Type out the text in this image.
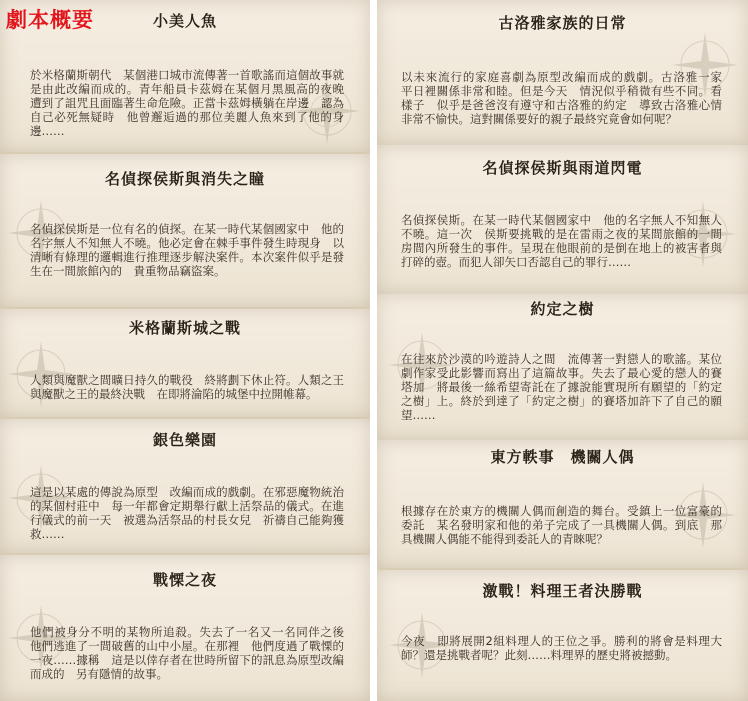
劇本概要	小美人魚
於米格蘭斯朝代　某個港口城市流傳著一首歌謠而這個故事就是由此改編而成的。青年船員卡茲姆在某個月黑風高的夜晚　遭到了詛咒且面臨著生命危險。正當卡茲姆橫躺在岸邊　認為自己必死無疑時　他曾邂逅過的那位美麗人魚來到了他的身邊……
名偵探侯斯與消失之瞳
名偵探侯斯是一位有名的偵探。在某一時代某個國家中　他的名字無人不知無人不曉。他必定會在棘手事件發生時現身　以清晰有條理的邏輯進行推理逐步解決案件。本次案件似乎是發生在一間旅館內的　貴重物品竊盜案。
米格蘭斯城之戰
人類與魔獸之間曠日持久的戰役　終將劃下休止符。人類之王與魔獸之王的最終決戰　在即將淪陷的城堡中拉開帷幕。
銀色樂園
這是以某處的傳說為原型　改編而成的戲劇。在邪惡魔物統治的某個村莊中　每一年都會定期舉行獻上活祭品的儀式。在進行儀式的前一天　被選為活祭品的村長女兒　祈禱自己能夠獲救……
戰慄之夜
他們被身分不明的某物所追殺。失去了一名又一名同伴之後　他們逃進了一間破舊的山中小屋。在那裡　他們度過了戰慄的一夜……據稱　這是以倖存者在世時所留下的訊息為原型改編而成的　另有隱情的故事。
古洛雅家族的日常
以未來流行的家庭喜劇為原型改編而成的戲劇。古洛雅一家　平日裡關係非常和睦。但是今天　情況似乎稍微有些不同。看樣子　似乎是爸爸沒有遵守和古洛雅的約定　導致古洛雅心情非常不愉快。這對關係要好的親子最終究竟會如何呢？
名偵探侯斯與雨道閃電
名偵探侯斯。在某一時代某個國家中　他的名字無人不知無人不曉。這一次　侯斯要挑戰的是在雷雨之夜的某間旅館的一間房間內所發生的事件。呈現在他眼前的是倒在地上的被害者與打碎的壺。而犯人卻矢口否認自己的罪行……
約定之樹
在往來於沙漠的吟遊詩人之間　流傳著一對戀人的歌謠。某位劇作家受此影響而寫出了這篇故事。失去了最心愛的戀人的賽塔加　將最後一絲希望寄託在了據說能實現所有願望的「約定之樹」上。終於到達了「約定之樹」的賽塔加許下了自己的願望……
東方軼事　機關人偶
根據存在於東方的機關人偶而創造的舞台。受鎮上一位富豪的委託　某名發明家和他的弟子完成了一具機關人偶。到底　那具機關人偶能不能得到委託人的青睞呢？
激戰！料理王者決勝戰
今夜　即將展開2組料理人的王位之爭。勝利的將會是料理大師？還是挑戰者呢？此刻……料理界的歷史將被撼動。
